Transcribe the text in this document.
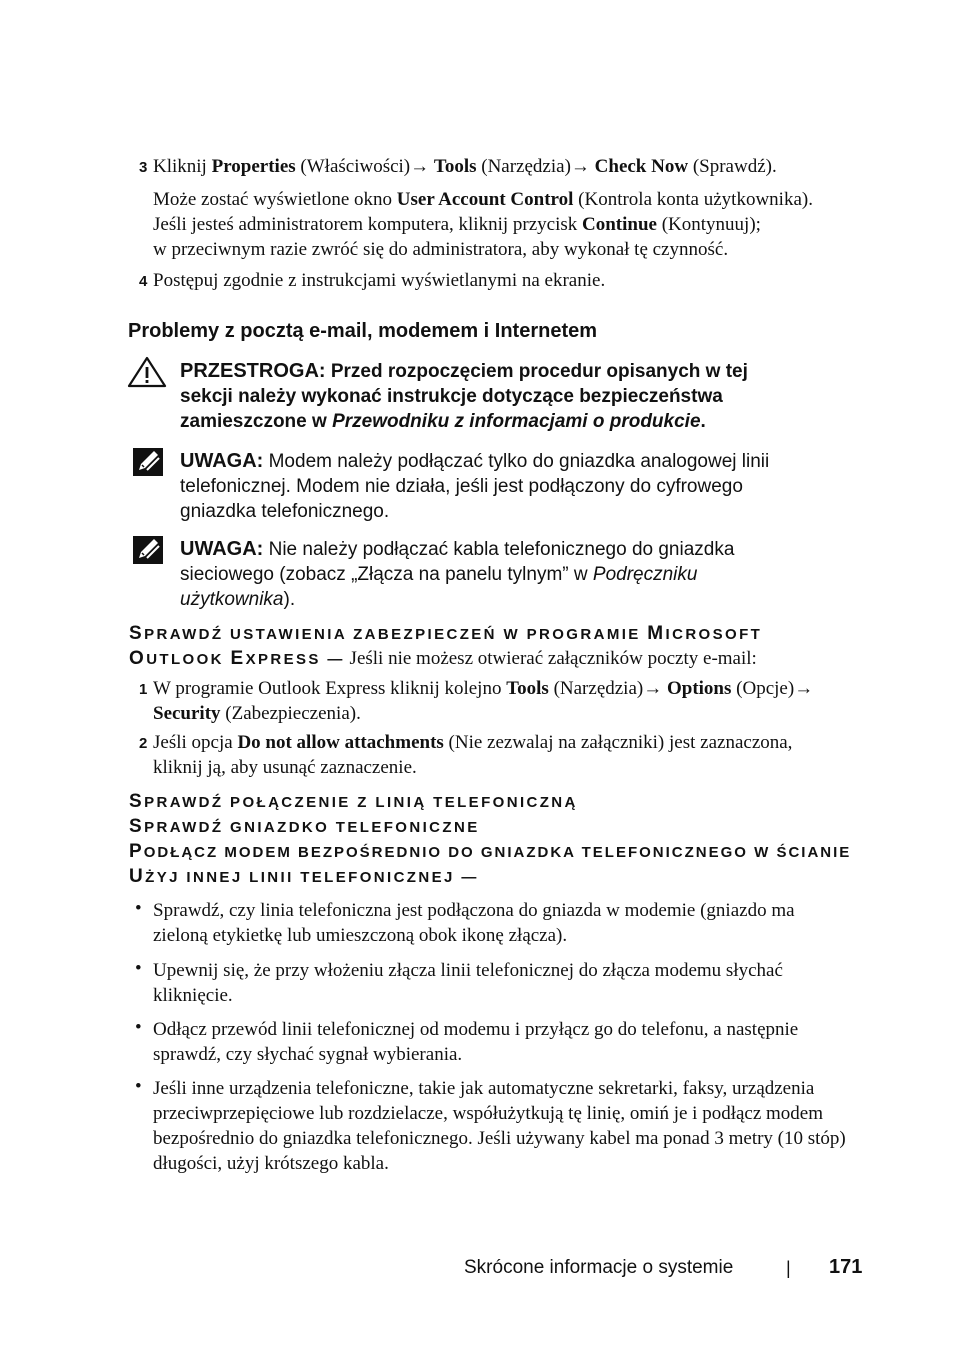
3 Kliknij Properties (Właściwości)→ Tools (Narzędzia)→ Check Now (Sprawdź).
Może zostać wyświetlone okno User Account Control (Kontrola konta użytkownika).
Jeśli jesteś administratorem komputera, kliknij przycisk Continue (Kontynuuj);
w przeciwnym razie zwróć się do administratora, aby wykonał tę czynność.
4 Postępuj zgodnie z instrukcjami wyświetlanymi na ekranie.
Problemy z pocztą e-mail, modemem i Internetem
PRZESTROGA: Przed rozpoczęciem procedur opisanych w tej
sekcji należy wykonać instrukcje dotyczące bezpieczeństwa
zamieszczone w Przewodniku z informacjami o produkcie.
UWAGA: Modem należy podłączać tylko do gniazdka analogowej linii
telefonicznej. Modem nie działa, jeśli jest podłączony do cyfrowego
gniazdka telefonicznego.
UWAGA: Nie należy podłączać kabla telefonicznego do gniazdka
sieciowego (zobacz „Złącza na panelu tylnym” w Podręczniku
użytkownika).
SPRAWDŹ USTAWIENIA ZABEZPIECZEŃ W PROGRAMIE MICROSOFT
OUTLOOK EXPRESS — Jeśli nie możesz otwierać załączników poczty e-mail:
1 W programie Outlook Express kliknij kolejno Tools (Narzędzia)→ Options (Opcje)→
Security (Zabezpieczenia).
2 Jeśli opcja Do not allow attachments (Nie zezwalaj na załączniki) jest zaznaczona,
kliknij ją, aby usunąć zaznaczenie.
SPRAWDŹ POŁĄCZENIE Z LINIĄ TELEFONICZNĄ
SPRAWDŹ GNIAZDKO TELEFONICZNE
PODŁĄCZ MODEM BEZPOŚREDNIO DO GNIAZDKA TELEFONICZNEGO W ŚCIANIE
UŻYJ INNEJ LINII TELEFONICZNEJ —
• Sprawdź, czy linia telefoniczna jest podłączona do gniazda w modemie (gniazdo ma
zieloną etykietkę lub umieszczoną obok ikonę złącza).
• Upewnij się, że przy włożeniu złącza linii telefonicznej do złącza modemu słychać
kliknięcie.
• Odłącz przewód linii telefonicznej od modemu i przyłącz go do telefonu, a następnie
sprawdź, czy słychać sygnał wybierania.
• Jeśli inne urządzenia telefoniczne, takie jak automatyczne sekretarki, faksy, urządzenia
przeciwprzepięciowe lub rozdzielacze, współużytkują tę linię, omiń je i podłącz modem
bezpośrednio do gniazdka telefonicznego. Jeśli używany kabel ma ponad 3 metry (10 stóp)
długości, użyj krótszego kabla.
Skrócone informacje o systemie	| 171
